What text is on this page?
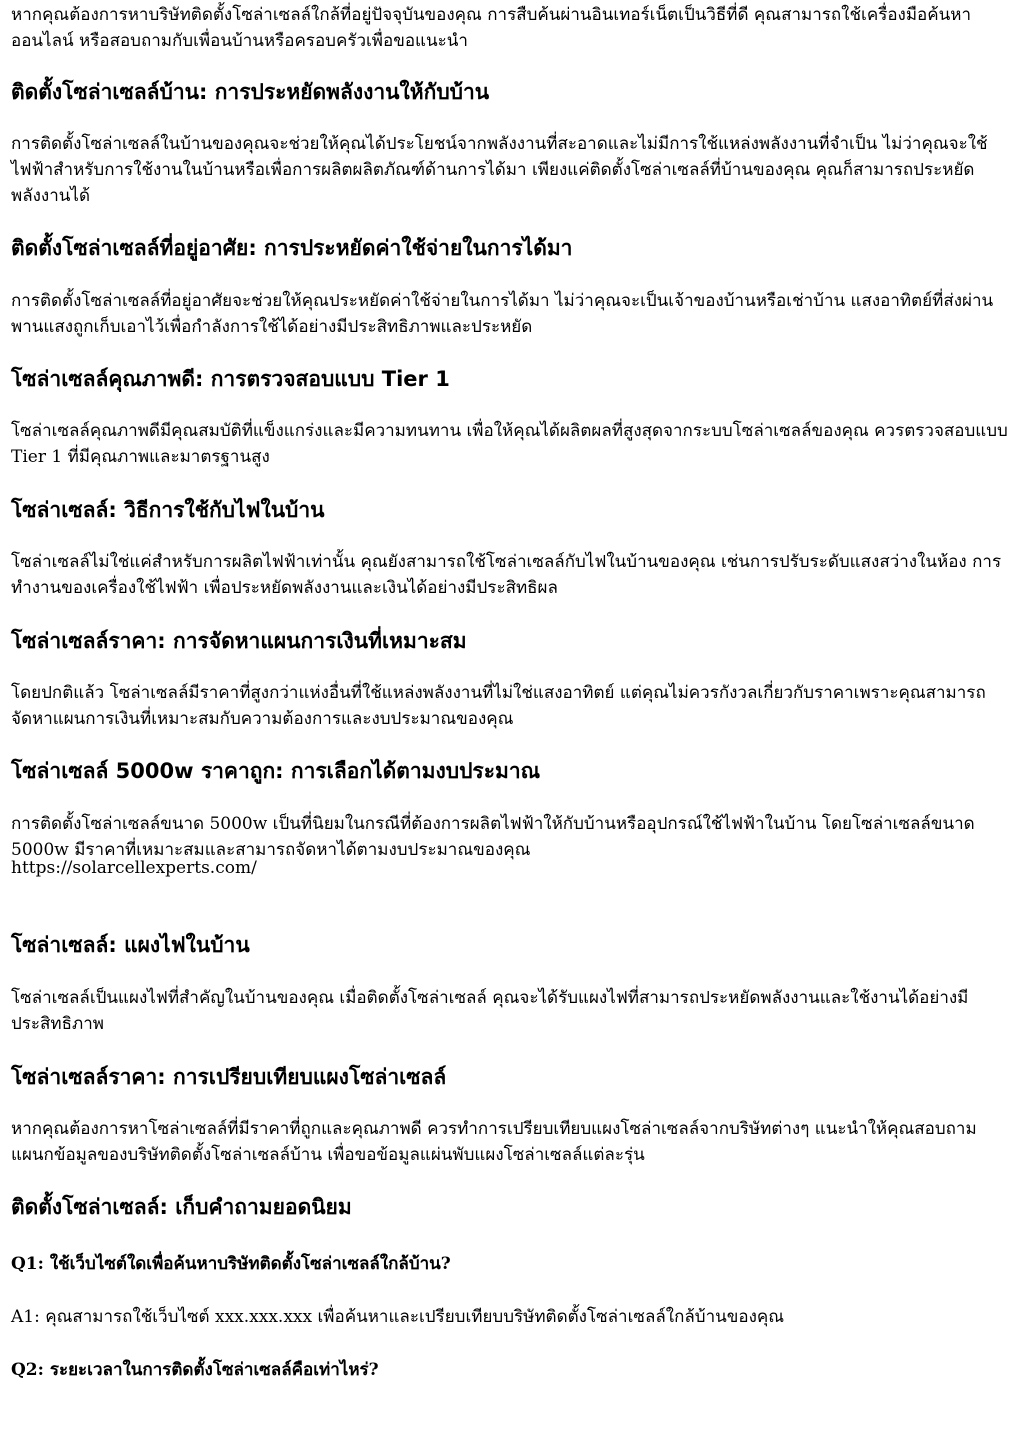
หากคุณต้องการหาบริษัทติดตั้งโซล่าเซลล์ใกล้ที่อยู่ปัจจุบันของคุณ การสืบค้นผ่านอินเทอร์เน็ตเป็นวิธีที่ดี คุณสามารถใช้เครื่องมือค้นหาออนไลน์ หรือสอบถามกับเพื่อนบ้านหรือครอบครัวเพื่อขอแนะนำ

ติดตั้งโซล่าเซลล์บ้าน: การประหยัดพลังงานให้กับบ้าน

การติดตั้งโซล่าเซลล์ในบ้านของคุณจะช่วยให้คุณได้ประโยชน์จากพลังงานที่สะอาดและไม่มีการใช้แหล่งพลังงานที่จำเป็น ไม่ว่าคุณจะใช้ไฟฟ้าสำหรับการใช้งานในบ้านหรือเพื่อการผลิตผลิตภัณฑ์ด้านการได้มา เพียงแค่ติดตั้งโซล่าเซลล์ที่บ้านของคุณ คุณก็สามารถประหยัดพลังงานได้

ติดตั้งโซล่าเซลล์ที่อยู่อาศัย: การประหยัดค่าใช้จ่ายในการได้มา

การติดตั้งโซล่าเซลล์ที่อยู่อาศัยจะช่วยให้คุณประหยัดค่าใช้จ่ายในการได้มา ไม่ว่าคุณจะเป็นเจ้าของบ้านหรือเช่าบ้าน แสงอาทิตย์ที่ส่งผ่านพานแสงถูกเก็บเอาไว้เพื่อกำลังการใช้ได้อย่างมีประสิทธิภาพและประหยัด

โซล่าเซลล์คุณภาพดี: การตรวจสอบแบบ Tier 1

โซล่าเซลล์คุณภาพดีมีคุณสมบัติที่แข็งแกร่งและมีความทนทาน เพื่อให้คุณได้ผลิตผลที่สูงสุดจากระบบโซล่าเซลล์ของคุณ ควรตรวจสอบแบบ Tier 1 ที่มีคุณภาพและมาตรฐานสูง

โซล่าเซลล์: วิธีการใช้กับไฟในบ้าน

โซล่าเซลล์ไม่ใช่แค่สำหรับการผลิตไฟฟ้าเท่านั้น คุณยังสามารถใช้โซล่าเซลล์กับไฟในบ้านของคุณ เช่นการปรับระดับแสงสว่างในห้อง การทำงานของเครื่องใช้ไฟฟ้า เพื่อประหยัดพลังงานและเงินได้อย่างมีประสิทธิผล

โซล่าเซลล์ราคา: การจัดหาแผนการเงินที่เหมาะสม

โดยปกติแล้ว โซล่าเซลล์มีราคาที่สูงกว่าแห่งอื่นที่ใช้แหล่งพลังงานที่ไม่ใช่แสงอาทิตย์ แต่คุณไม่ควรกังวลเกี่ยวกับราคาเพราะคุณสามารถจัดหาแผนการเงินที่เหมาะสมกับความต้องการและงบประมาณของคุณ

โซล่าเซลล์ 5000w ราคาถูก: การเลือกได้ตามงบประมาณ

การติดตั้งโซล่าเซลล์ขนาด 5000w เป็นที่นิยมในกรณีที่ต้องการผลิตไฟฟ้าให้กับบ้านหรืออุปกรณ์ใช้ไฟฟ้าในบ้าน โดยโซล่าเซลล์ขนาด 5000w มีราคาที่เหมาะสมและสามารถจัดหาได้ตามงบประมาณของคุณ

https://solarcellexperts.com/
โซล่าเซลล์: แผงไฟในบ้าน

โซล่าเซลล์เป็นแผงไฟที่สำคัญในบ้านของคุณ เมื่อติดตั้งโซล่าเซลล์ คุณจะได้รับแผงไฟที่สามารถประหยัดพลังงานและใช้งานได้อย่างมีประสิทธิภาพ

โซล่าเซลล์ราคา: การเปรียบเทียบแผงโซล่าเซลล์

หากคุณต้องการหาโซล่าเซลล์ที่มีราคาที่ถูกและคุณภาพดี ควรทำการเปรียบเทียบแผงโซล่าเซลล์จากบริษัทต่างๆ แนะนำให้คุณสอบถามแผนกข้อมูลของบริษัทติดตั้งโซล่าเซลล์บ้าน เพื่อขอข้อมูลแผ่นพับแผงโซล่าเซลล์แต่ละรุ่น

ติดตั้งโซล่าเซลล์: เก็บคำถามยอดนิยม

Q1: ใช้เว็บไซต์ใดเพื่อค้นหาบริษัทติดตั้งโซล่าเซลล์ใกล้บ้าน?

A1: คุณสามารถใช้เว็บไซต์ xxx.xxx.xxx เพื่อค้นหาและเปรียบเทียบบริษัทติดตั้งโซล่าเซลล์ใกล้บ้านของคุณ

Q2: ระยะเวลาในการติดตั้งโซล่าเซลล์คือเท่าไหร่?
